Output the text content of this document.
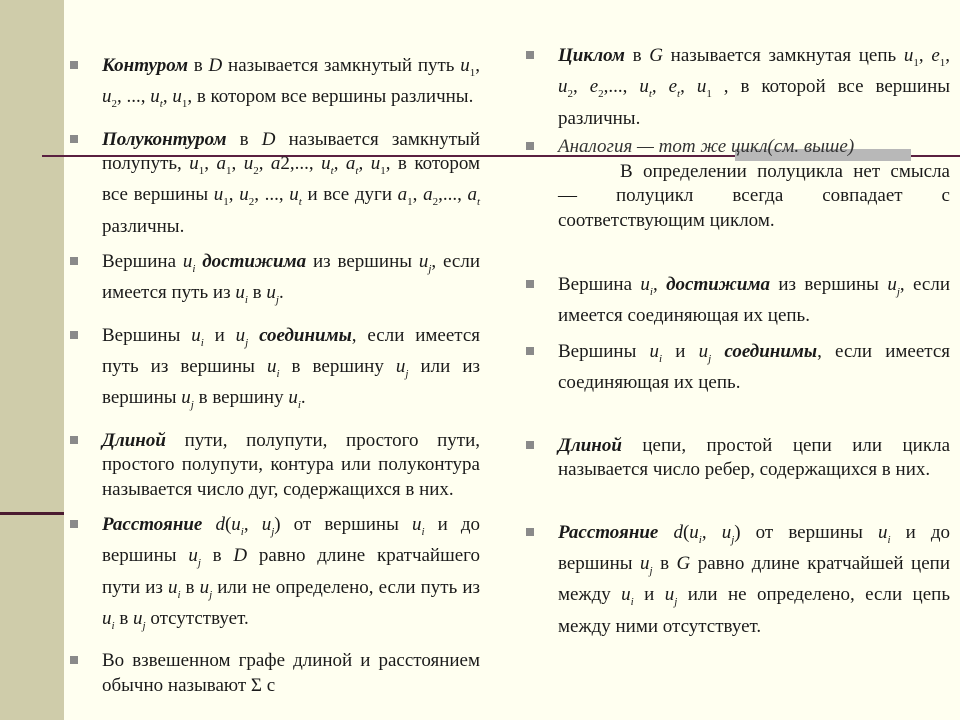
Контуром в D называется замкнутый путь $u_1$, $u_2$, ..., $u_t$, $u_1$, в котором все вершины различны.
Полуконтуром в D называется замкнутый полупуть, $u_1$, $a_1$, $u_2$, a2,..., $u_t$, $a_t$, $u_1$, в котором все вершины $u_1$, $u_2$, ..., $u_t$ и все дуги $a_1$, $a_2$,..., $a_t$ различны.
Вершина $u_i$ достижима из вершины $u_j$, если имеется путь из $u_i$ в $u_j$.
Вершины $u_i$ и $u_j$ соединимы, если имеется путь из вершины $u_i$ в вершину $u_j$ или из вершины $u_j$ в вершину $u_i$.
Длиной пути, полупути, простого пути, простого полупути, контура или полуконтура называется число дуг, содержащихся в них.
Расстояние $d(u_i$, $u_j$) от вершины $u_i$ и до вершины $u_j$ в D равно длине кратчайшего пути из $u_i$ в $u_j$ или не определено, если путь из $u_i$ в $u_j$ отсутствует.
Во взвешенном графе длиной и расстоянием обычно называют Σ с
Циклом в G называется замкнутая цепь $u_1$, $e_1$, $u_2$, $e_2$,..., $u_t$, $e_t$, $u_1$ , в которой все вершины различны.
Аналогия — тот же цикл(см. выше)
В определении полуцикла нет смысла — полуцикл всегда совпадает с соответствующим циклом.
Вершина $u_i$, достижима из вершины $u_j$, если имеется соединяющая их цепь.
Вершины $u_i$ и $u_j$ соединимы, если имеется соединяющая их цепь.
Длиной цепи, простой цепи или цикла называется число ребер, содержащихся в них.
Расстояние $d(u_i$, $u_j$) от вершины $u_i$ и до вершины $u_j$ в G равно длине кратчайшей цепи между $u_i$ и $u_j$ или не определено, если цепь между ними отсутствует.
